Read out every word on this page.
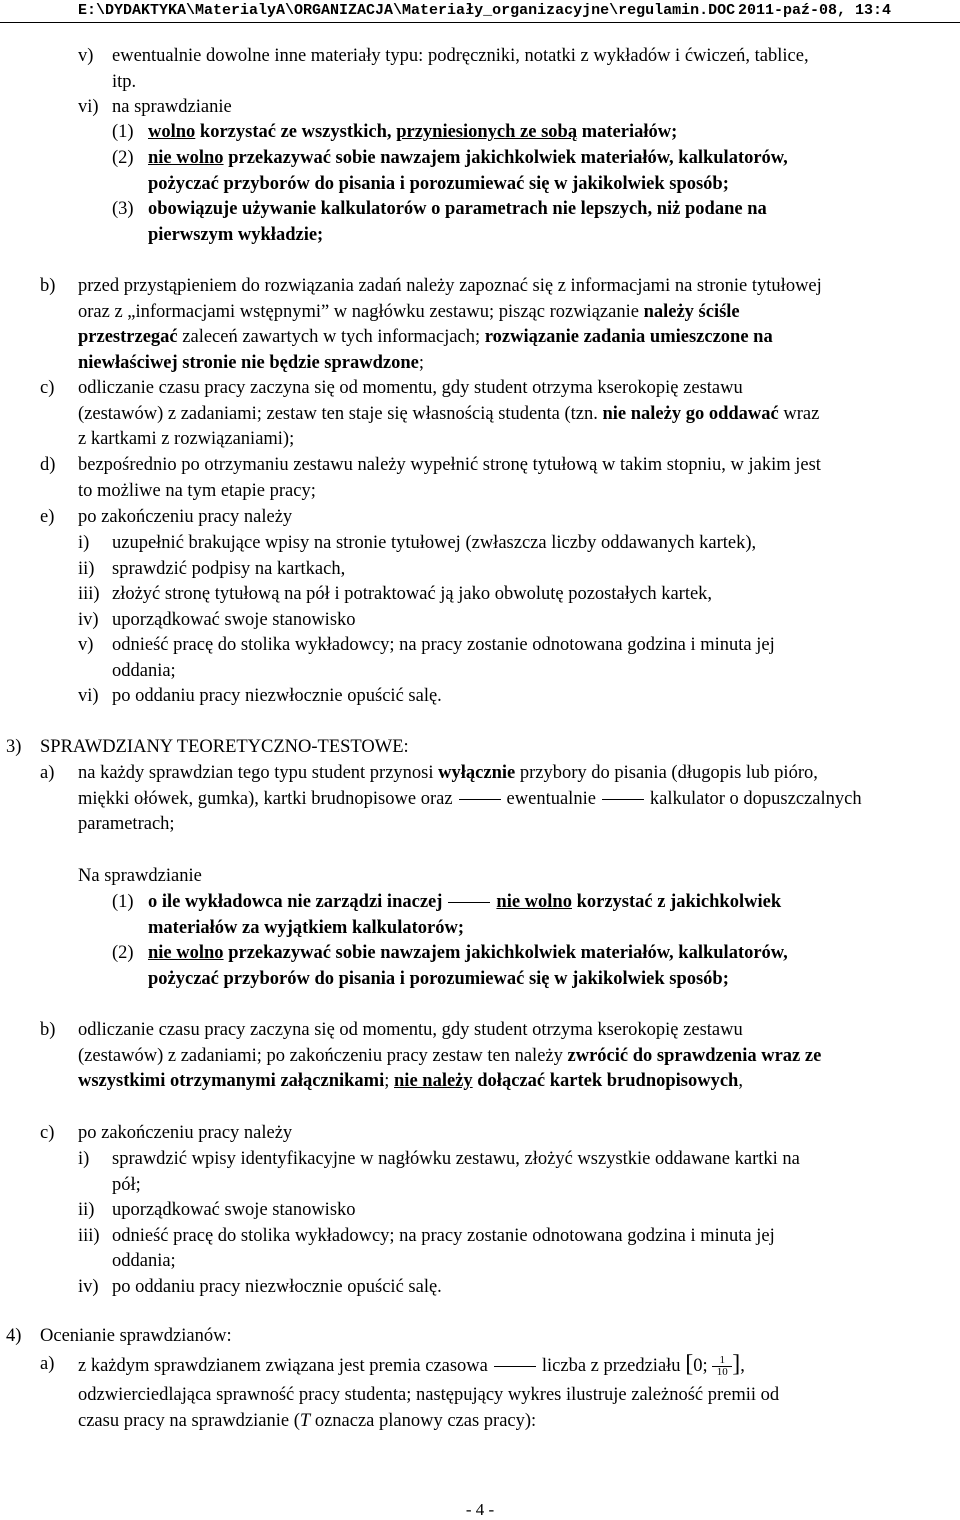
E:\DYDAKTYKA\MaterialyA\ORGANIZACJA\Materiały_organizacyjne\regulamin.DOC 2011-paź-08, 13:4
v) ewentualnie dowolne inne materiały typu: podręczniki, notatki z wykładów i ćwiczeń, tablice,
itp.
vi) na sprawdzianie
(1) wolno korzystać ze wszystkich, przyniesionych ze sobą materiałów;
(2) nie wolno przekazywać sobie nawzajem jakichkolwiek materiałów, kalkulatorów,
pożyczać przyborów do pisania i porozumiewać się w jakikolwiek sposób;
(3) obowiązuje używanie kalkulatorów o parametrach nie lepszych, niż podane na
pierwszym wykładzie;
b) przed przystąpieniem do rozwiązania zadań należy zapoznać się z informacjami na stronie tytułowej
oraz z „informacjami wstępnymi” w nagłówku zestawu; pisząc rozwiązanie należy ściśle
przestrzegać zaleceń zawartych w tych informacjach; rozwiązanie zadania umieszczone na
niewłaściwej stronie nie będzie sprawdzone;
c) odliczanie czasu pracy zaczyna się od momentu, gdy student otrzyma kserokopię zestawu
(zestawów) z zadaniami; zestaw ten staje się własnością studenta (tzn. nie należy go oddawać wraz
z kartkami z rozwiązaniami);
d) bezpośrednio po otrzymaniu zestawu należy wypełnić stronę tytułową w takim stopniu, w jakim jest
to możliwe na tym etapie pracy;
e) po zakończeniu pracy należy
i) uzupełnić brakujące wpisy na stronie tytułowej (zwłaszcza liczby oddawanych kartek),
ii) sprawdzić podpisy na kartkach,
iii) złożyć stronę tytułową na pół i potraktować ją jako obwolutę pozostałych kartek,
iv) uporządkować swoje stanowisko
v) odnieść pracę do stolika wykładowcy; na pracy zostanie odnotowana godzina i minuta jej
oddania;
vi) po oddaniu pracy niezwłocznie opuścić salę.
3) SPRAWDZIANY TEORETYCZNO-TESTOWE:
a) na każdy sprawdzian tego typu student przynosi wyłącznie przybory do pisania (długopis lub pióro,
miękki ołówek, gumka), kartki brudnopisowe oraz	ewentualnie	kalkulator o dopuszczalnych
parametrach;
Na sprawdzianie
(1) o ile wykładowca nie zarządzi inaczej	nie wolno korzystać z jakichkolwiek
materiałów za wyjątkiem kalkulatorów;
(2) nie wolno przekazywać sobie nawzajem jakichkolwiek materiałów, kalkulatorów,
pożyczać przyborów do pisania i porozumiewać się w jakikolwiek sposób;
b) odliczanie czasu pracy zaczyna się od momentu, gdy student otrzyma kserokopię zestawu
(zestawów) z zadaniami; po zakończeniu pracy zestaw ten należy zwrócić do sprawdzenia wraz ze
wszystkimi otrzymanymi załącznikami; nie należy dołączać kartek brudnopisowych,
c) po zakończeniu pracy należy
i) sprawdzić wpisy identyfikacyjne w nagłówku zestawu, złożyć wszystkie oddawane kartki na
pół;
ii) uporządkować swoje stanowisko
iii) odnieść pracę do stolika wykładowcy; na pracy zostanie odnotowana godzina i minuta jej
oddania;
iv) po oddaniu pracy niezwłocznie opuścić salę.
4) Ocenianie sprawdzianów:
a) z każdym sprawdzianem związana jest premia czasowa	liczba z przedziału [0; $\frac{1}{10}$ ],
odzwierciedlająca sprawność pracy studenta; następujący wykres ilustruje zależność premii od
czasu pracy na sprawdzianie (T oznacza planowy czas pracy):
- 4 -
